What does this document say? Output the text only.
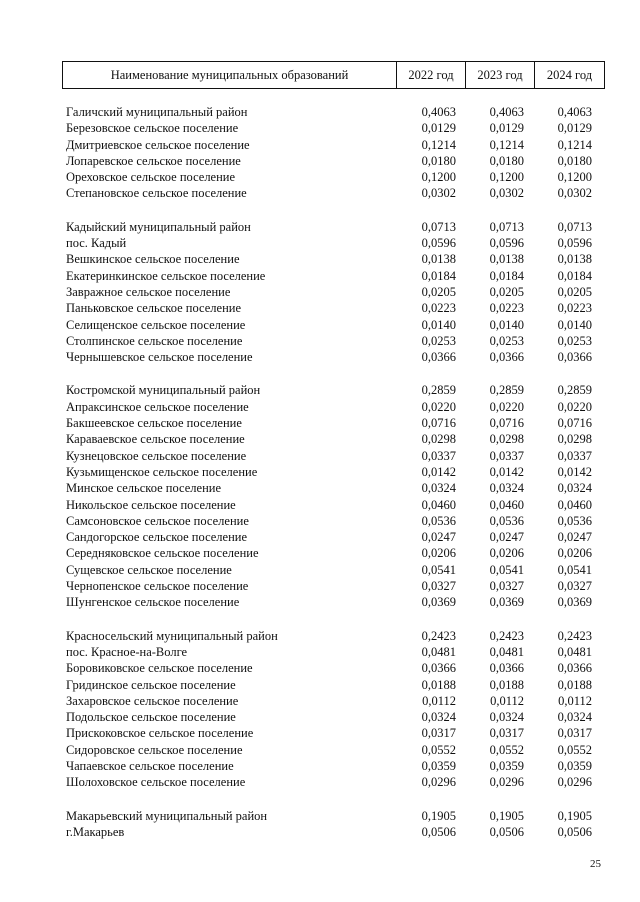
Наименование муниципальных образований	2022 год	2023 год	2024 год
Галичский муниципальный район	0,4063	0,4063	0,4063
Березовское сельское поселение	0,0129	0,0129	0,0129
Дмитриевское сельское поселение	0,1214	0,1214	0,1214
Лопаревское сельское поселение	0,0180	0,0180	0,0180
Ореховское сельское поселение	0,1200	0,1200	0,1200
Степановское сельское поселение	0,0302	0,0302	0,0302
Кадыйский муниципальный район	0,0713	0,0713	0,0713
пос. Кадый	0,0596	0,0596	0,0596
Вешкинское сельское поселение	0,0138	0,0138	0,0138
Екатеринкинское сельское поселение	0,0184	0,0184	0,0184
Завражное сельское поселение	0,0205	0,0205	0,0205
Паньковское сельское поселение	0,0223	0,0223	0,0223
Селищенское сельское поселение	0,0140	0,0140	0,0140
Столпинское сельское поселение	0,0253	0,0253	0,0253
Чернышевское сельское поселение	0,0366	0,0366	0,0366
Костромской муниципальный район	0,2859	0,2859	0,2859
Апраксинское сельское поселение	0,0220	0,0220	0,0220
Бакшеевское сельское поселение	0,0716	0,0716	0,0716
Караваевское сельское поселение	0,0298	0,0298	0,0298
Кузнецовское сельское поселение	0,0337	0,0337	0,0337
Кузьмищенское сельское поселение	0,0142	0,0142	0,0142
Минское сельское поселение	0,0324	0,0324	0,0324
Никольское сельское поселение	0,0460	0,0460	0,0460
Самсоновское сельское поселение	0,0536	0,0536	0,0536
Сандогорское сельское поселение	0,0247	0,0247	0,0247
Середняковское сельское поселение	0,0206	0,0206	0,0206
Сущевское сельское поселение	0,0541	0,0541	0,0541
Чернопенское сельское поселение	0,0327	0,0327	0,0327
Шунгенское сельское поселение	0,0369	0,0369	0,0369
Красносельский муниципальный район	0,2423	0,2423	0,2423
пос. Красное-на-Волге	0,0481	0,0481	0,0481
Боровиковское сельское поселение	0,0366	0,0366	0,0366
Гридинское сельское поселение	0,0188	0,0188	0,0188
Захаровское сельское поселение	0,0112	0,0112	0,0112
Подольское сельское поселение	0,0324	0,0324	0,0324
Прискоковское сельское поселение	0,0317	0,0317	0,0317
Сидоровское сельское поселение	0,0552	0,0552	0,0552
Чапаевское сельское поселение	0,0359	0,0359	0,0359
Шолоховское сельское поселение	0,0296	0,0296	0,0296
Макарьевский муниципальный район	0,1905	0,1905	0,1905
г.Макарьев	0,0506	0,0506	0,0506
25
